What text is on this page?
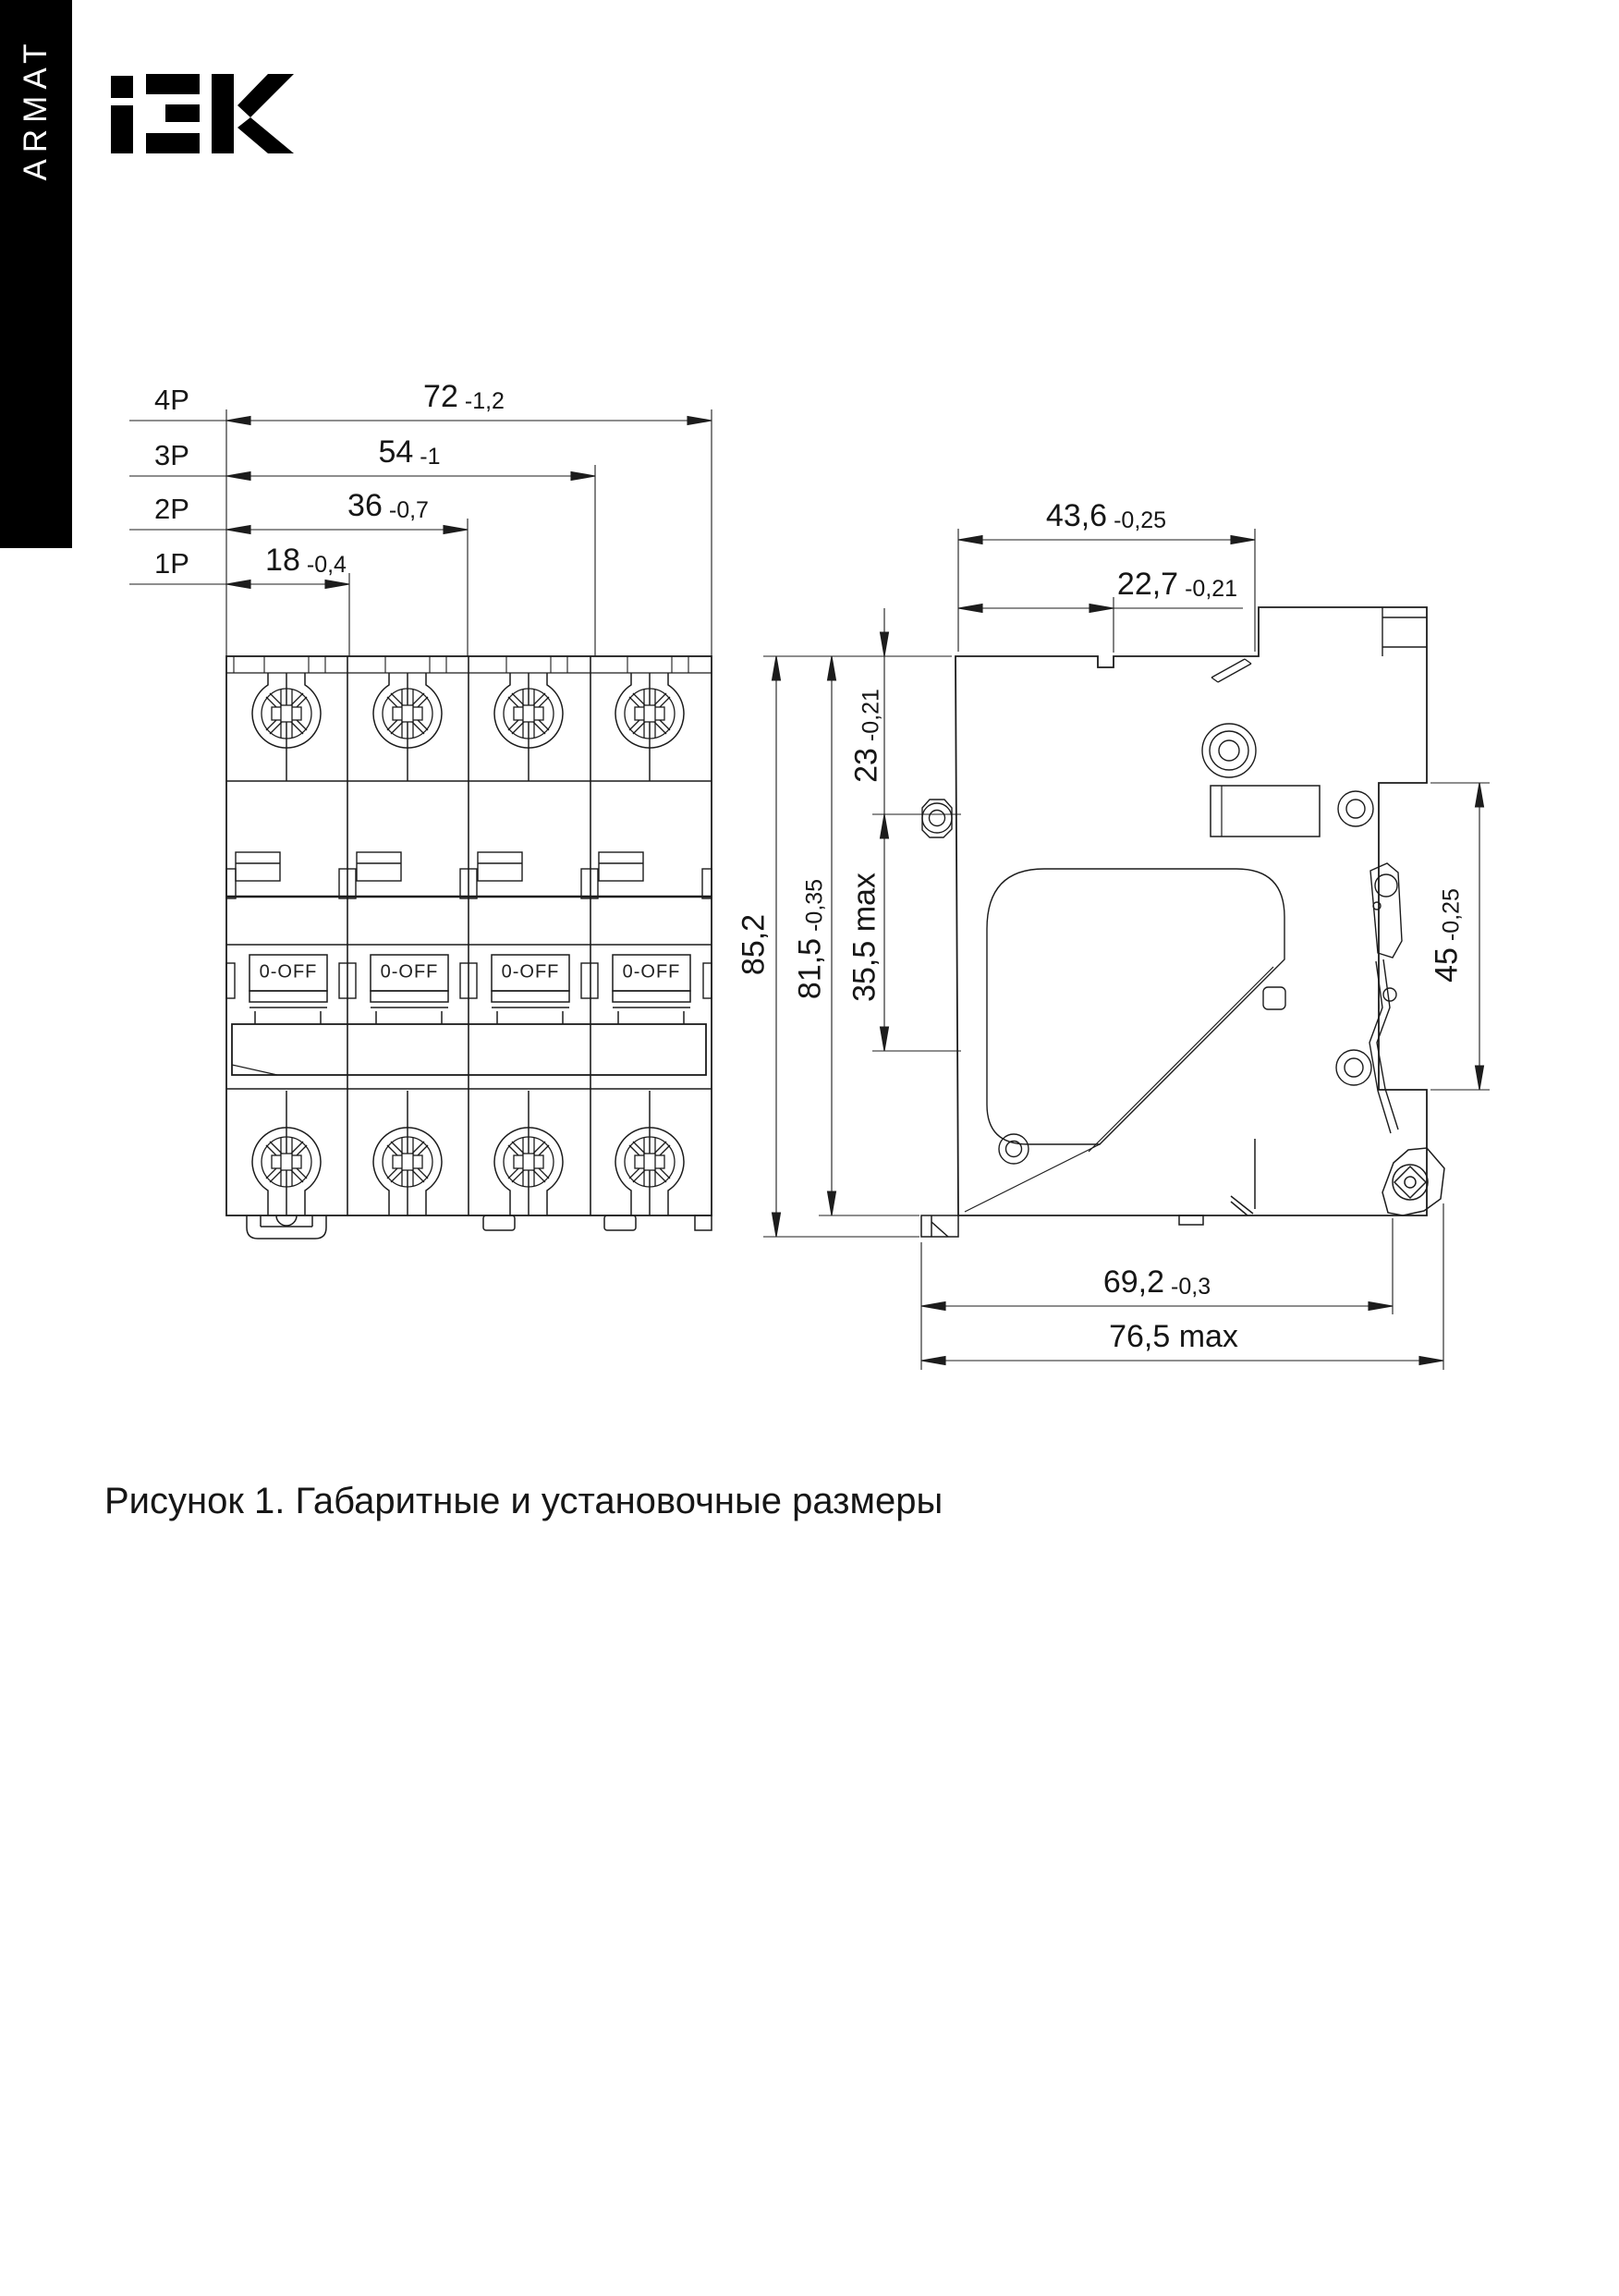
ARMAT
4P
3P
2P
1P
72 -1,2
54 -1
36 -0,7
18 -0,4
43,6 -0,25
22,7 -0,21
85,2 81,5-0,35 35,5 max
23-0,21
45-0,25
69,2 -0,3
76,5 max
0-OFF	0-OFF	0-OFF	0-OFF
Рисунок 1. Габаритные и установочные размеры
